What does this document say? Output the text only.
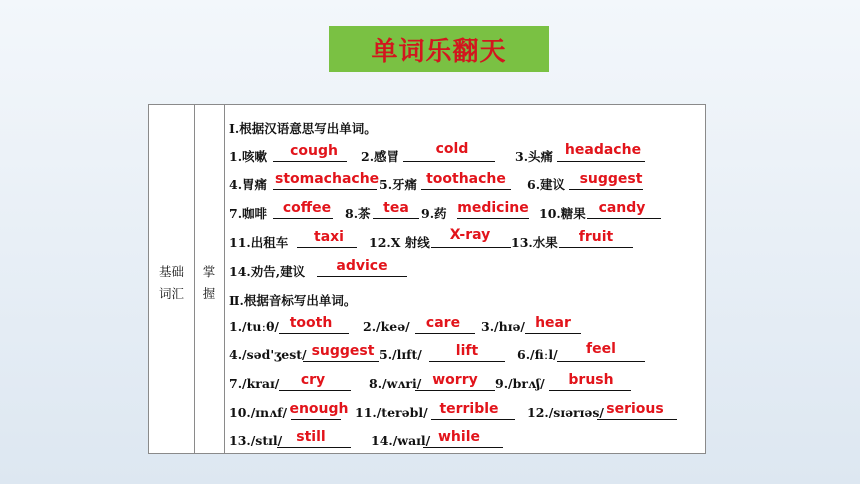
单词乐翻天
基础
词汇
掌
握
Ⅰ.根据汉语意思写出单词。
1.咳嗽	cough	2.感冒	cold	3.头痛 headache
4.胃痛 stomachache 5.牙痛 toothache	6.建议	suggest
7.咖啡	coffee	8.茶 tea 9.药 medicine 10.糖果 candy
11.出租车	taxi	12.X 射线	X-ray	13.水果	fruit
14.劝告,建议	advice
Ⅱ.根据音标写出单词。
1./tuːθ/ tooth	2./keə/	care	3./hɪə/ hear
4./səd'ʒest/ suggest 5./lɪft/	lift	6./fiːl/	feel
7./kraɪ/	cry	8./wʌri/ worry	9./brʌʃ/	brush
10./ɪnʌf/ enough 11./terəbl/ terrible	12./sɪərɪəs/ serious
13./stɪl/	still	14./waɪl/ while
